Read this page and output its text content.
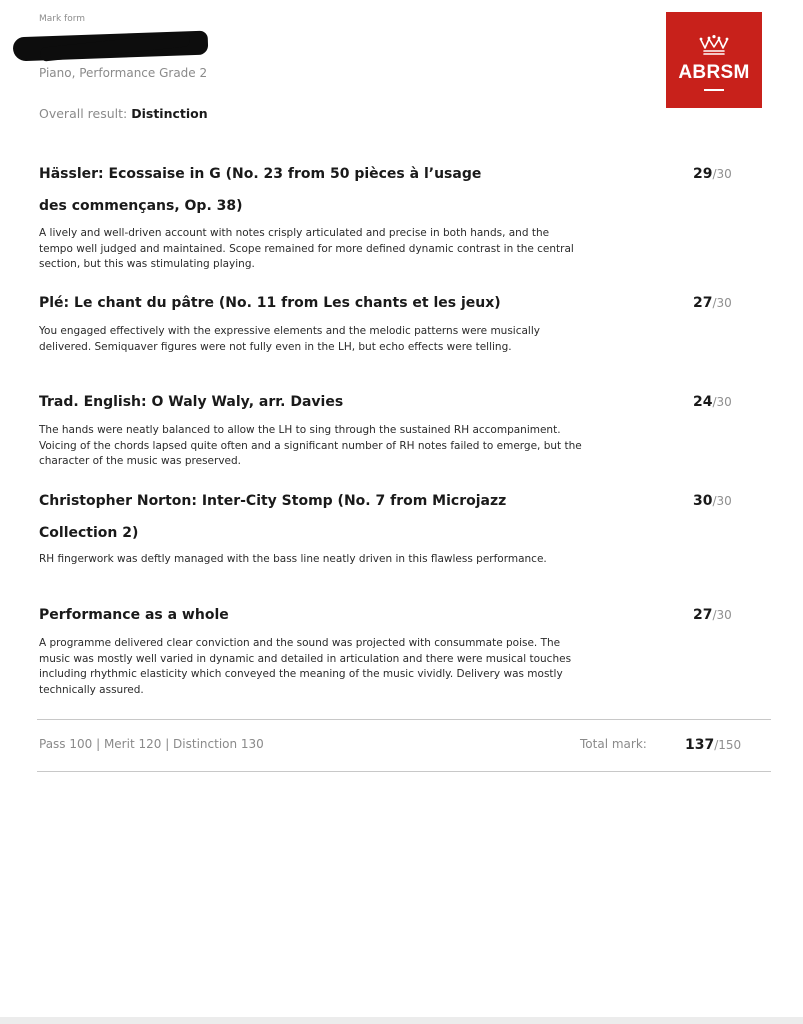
Mark form
Piano, Performance Grade 2
Overall result: Distinction
ABRSM
Hässler: Ecossaise in G (No. 23 from 50 pièces à l’usage des commençans, Op. 38)
29/30
A lively and well-driven account with notes crisply articulated and precise in both hands, and the tempo well judged and maintained. Scope remained for more defined dynamic contrast in the central section, but this was stimulating playing.
Plé: Le chant du pâtre (No. 11 from Les chants et les jeux)	27/30
You engaged effectively with the expressive elements and the melodic patterns were musically delivered. Semiquaver figures were not fully even in the LH, but echo effects were telling.
Trad. English: O Waly Waly, arr. Davies	24/30
The hands were neatly balanced to allow the LH to sing through the sustained RH accompaniment. Voicing of the chords lapsed quite often and a significant number of RH notes failed to emerge, but the character of the music was preserved.
Christopher Norton: Inter-City Stomp (No. 7 from Microjazz Collection 2)
30/30
RH fingerwork was deftly managed with the bass line neatly driven in this flawless performance.
Performance as a whole	27/30
A programme delivered clear conviction and the sound was projected with consummate poise. The music was mostly well varied in dynamic and detailed in articulation and there were musical touches including rhythmic elasticity which conveyed the meaning of the music vividly. Delivery was mostly technically assured.
Pass 100 | Merit 120 | Distinction 130	Total mark:	137/150
